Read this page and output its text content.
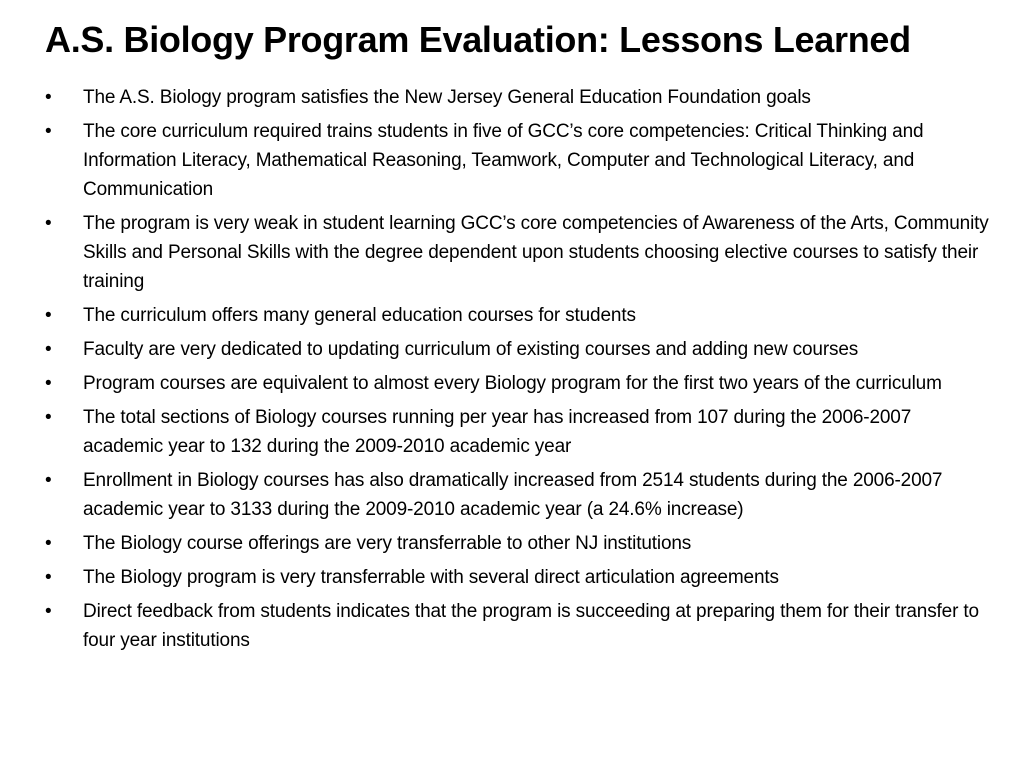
A.S. Biology Program Evaluation: Lessons Learned
•	The A.S. Biology program satisfies the New Jersey General Education Foundation goals
•	The core curriculum required trains students in five of GCC’s core competencies: Critical Thinking and Information Literacy, Mathematical Reasoning, Teamwork, Computer and Technological Literacy, and Communication
•	The program is very weak in student learning GCC’s core competencies of Awareness of the Arts, Community Skills and Personal Skills with the degree dependent upon students choosing elective courses to satisfy their training
•	The curriculum offers many general education courses for students
•	Faculty are very dedicated to updating curriculum of existing courses and adding new courses
•	Program courses are equivalent to almost every Biology program for the first two years of the curriculum
•	The total sections of Biology courses running per year has increased from 107 during the 2006-2007 academic year to 132 during the 2009-2010 academic year
•	Enrollment in Biology courses has also dramatically increased from 2514 students during the 2006-2007 academic year to 3133 during the 2009-2010 academic year (a 24.6% increase)
•	The Biology course offerings are very transferrable to other NJ institutions
•	The Biology program is very transferrable with several direct articulation agreements
•	Direct feedback from students indicates that the program is succeeding at preparing them for their transfer to four year institutions
